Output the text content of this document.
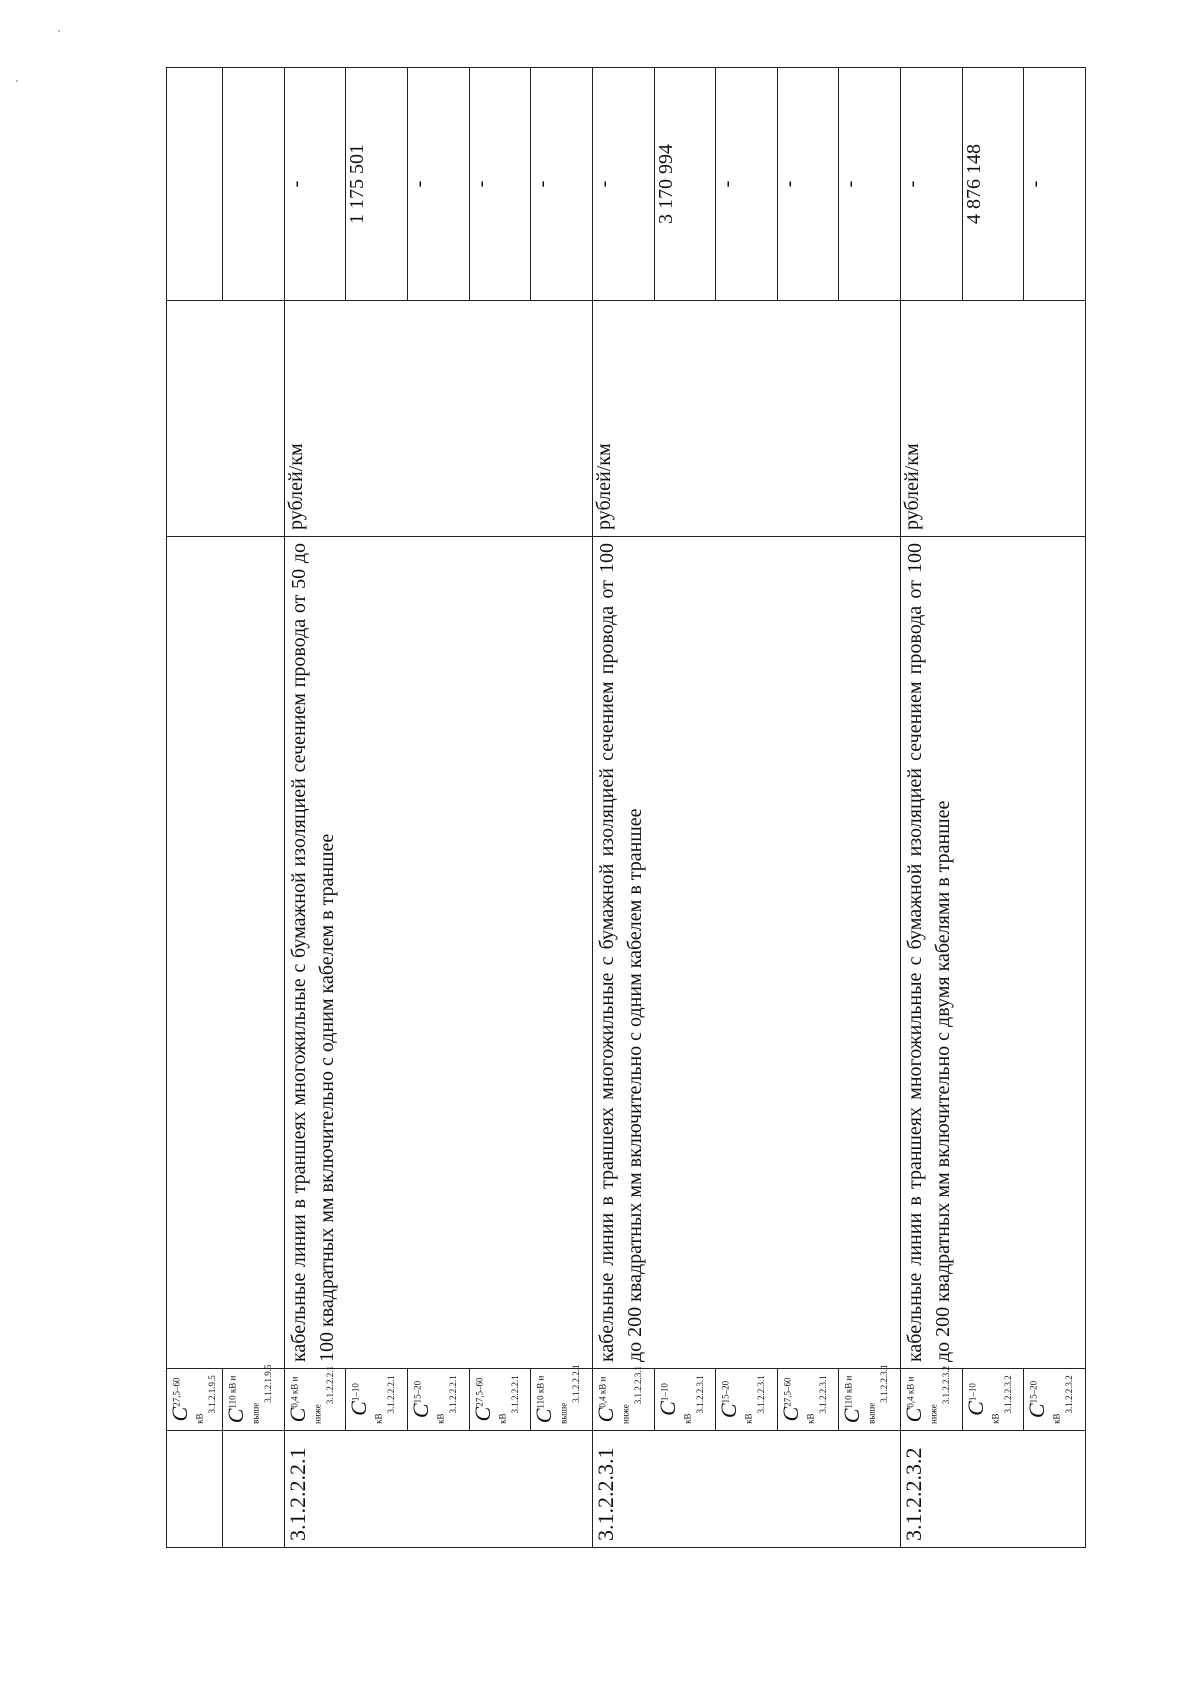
	$C^{27,5-60 кВ}_{3.1.2.1.9.5}$			
	$C^{110 кВ и выше}_{3.1.2.1.9.5}$	
3.1.2.2.2.1	$C^{0,4 кВ и ниже}_{3.1.2.2.2.1}$	кабельные линии в траншеях многожильные с бумажной изоляцией сечением провода от 50 до 100 квадратных мм включительно с одним кабелем в траншее	рублей/км	-
	$C^{1-10 кВ}_{3.1.2.2.2.1}$			1 175 501
	$C^{15-20 кВ}_{3.1.2.2.2.1}$			-
	$C^{27,5-60 кВ}_{3.1.2.2.2.1}$			-
	$C^{110 кВ и выше}_{3.1.2.2.2.1}$			-
3.1.2.2.3.1	$C^{0,4 кВ и ниже}_{3.1.2.2.3.1}$	кабельные линии в траншеях многожильные с бумажной изоляцией сечением провода от 100 до 200 квадратных мм включительно с одним кабелем в траншее	рублей/км	-
	$C^{1-10 кВ}_{3.1.2.2.3.1}$			3 170 994
	$C^{15-20 кВ}_{3.1.2.2.3.1}$			-
	$C^{27,5-60 кВ}_{3.1.2.2.3.1}$			-
	$C^{110 кВ и выше}_{3.1.2.2.3.1}$			-
3.1.2.2.3.2	$C^{0,4 кВ и ниже}_{3.1.2.2.3.2}$	кабельные линии в траншеях многожильные с бумажной изоляцией сечением провода от 100 до 200 квадратных мм включительно с двумя кабелями в траншее	рублей/км	-
	$C^{1-10 кВ}_{3.1.2.2.3.2}$			4 876 148
	$C^{15-20 кВ}_{3.1.2.2.3.2}$			-
